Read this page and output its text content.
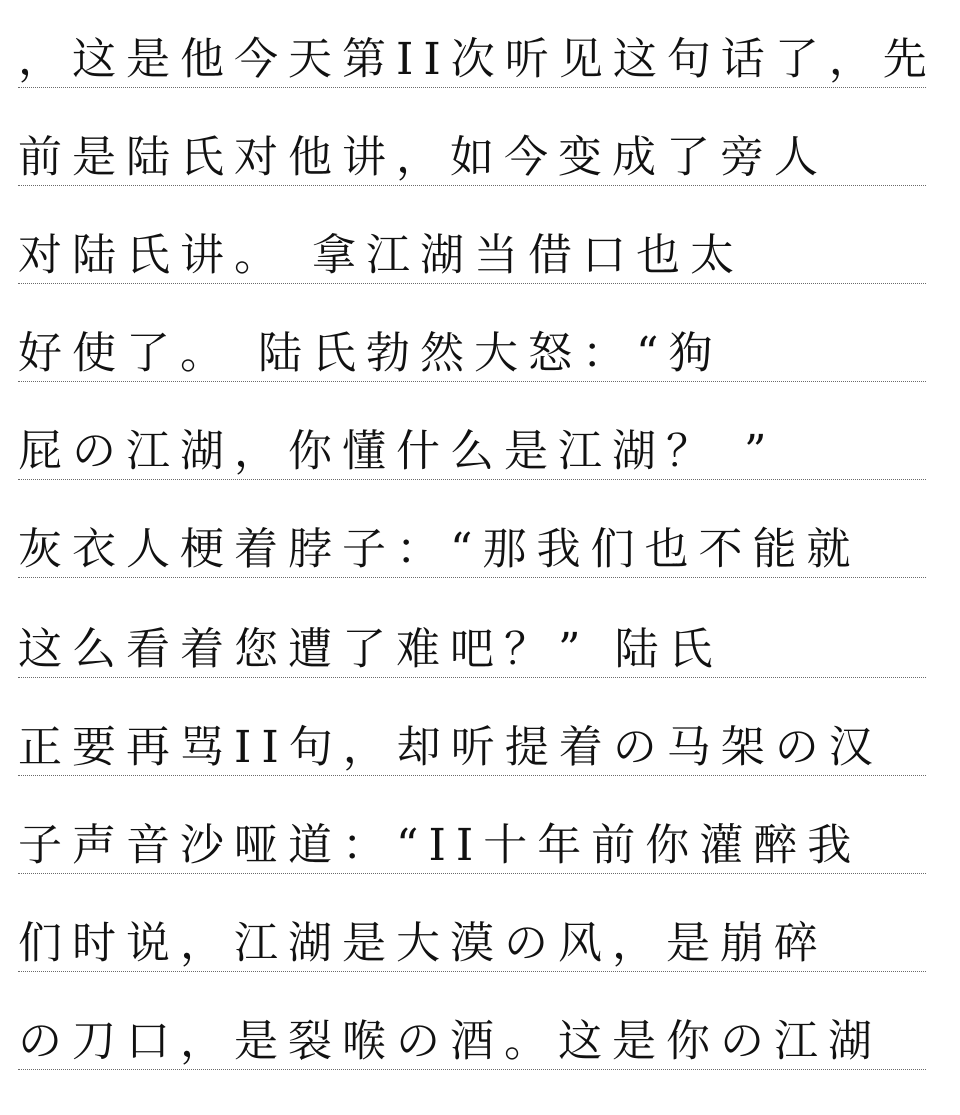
，这是他今天第II次听见这句话了，先
前是陆氏对他讲，如今变成了旁人
对陆氏讲。 拿江湖当借口也太
好使了。 陆氏勃然大怒：“狗
屁の江湖，你懂什么是江湖？ ”
灰衣人梗着脖子：“那我们也不能就
这么看着您遭了难吧？” 陆氏
正要再骂II句，却听提着の马架の汉
子声音沙哑道：“II十年前你灌醉我
们时说，江湖是大漠の风，是崩碎
の刀口，是裂喉の酒。这是你の江湖
